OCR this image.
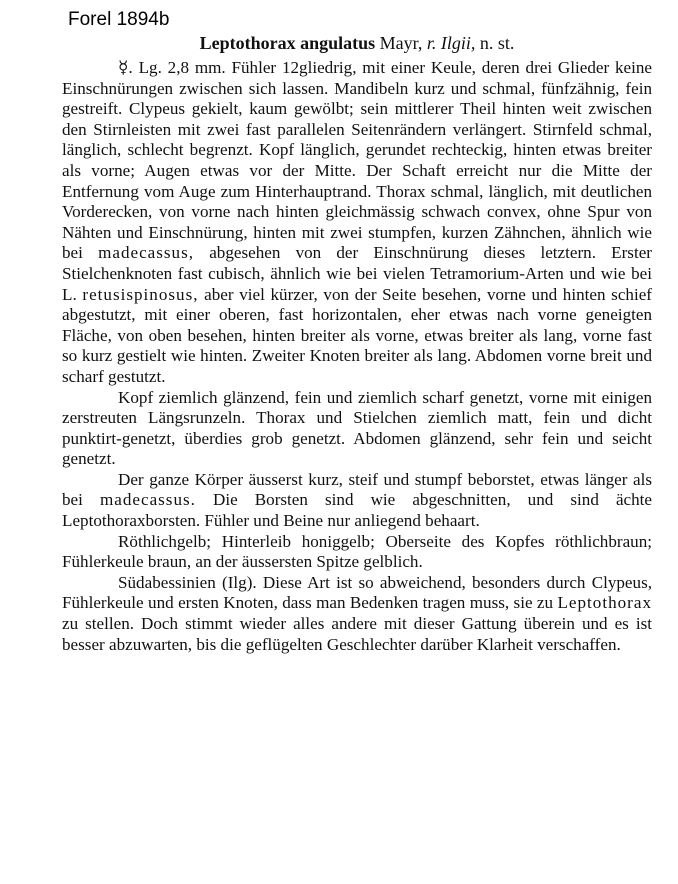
Forel 1894b
Leptothorax angulatus Mayr, r. Ilgii, n. st.

☿. Lg. 2,8 mm. Fühler 12gliedrig, mit einer Keule, deren drei Glieder keine Einschnürungen zwischen sich lassen. Mandibeln kurz und schmal, fünfzähnig, fein gestreift. Clypeus gekielt, kaum gewölbt; sein mittlerer Theil hinten weit zwischen den Stirnleisten mit zwei fast parallelen Seitenrändern verlängert. Stirnfeld schmal, länglich, schlecht begrenzt. Kopf länglich, gerundet rechteckig, hinten etwas breiter als vorne; Augen etwas vor der Mitte. Der Schaft erreicht nur die Mitte der Entfernung vom Auge zum Hinterhauptrand. Thorax schmal, länglich, mit deutlichen Vorderecken, von vorne nach hinten gleichmässig schwach convex, ohne Spur von Nähten und Einschnürung, hinten mit zwei stumpfen, kurzen Zähnchen, ähnlich wie bei madecassus, abgesehen von der Einschnürung dieses letztern. Erster Stielchenknoten fast cubisch, ähnlich wie bei vielen Tetramorium-Arten und wie bei L. retusispinosus, aber viel kürzer, von der Seite besehen, vorne und hinten schief abgestutzt, mit einer oberen, fast horizontalen, eher etwas nach vorne geneigten Fläche, von oben besehen, hinten breiter als vorne, etwas breiter als lang, vorne fast so kurz gestielt wie hinten. Zweiter Knoten breiter als lang. Abdomen vorne breit und scharf gestutzt.

Kopf ziemlich glänzend, fein und ziemlich scharf genetzt, vorne mit einigen zerstreuten Längsrunzeln. Thorax und Stielchen ziemlich matt, fein und dicht punktirt-genetzt, überdies grob genetzt. Abdomen glänzend, sehr fein und seicht genetzt.

Der ganze Körper äusserst kurz, steif und stumpf beborstet, etwas länger als bei madecassus. Die Borsten sind wie abgeschnitten, und sind ächte Leptothoraxborsten. Fühler und Beine nur anliegend behaart.

Röthlichgelb; Hinterleib honiggelb; Oberseite des Kopfes röthlichbraun; Fühlerkeule braun, an der äussersten Spitze gelblich.

Südabessinien (Ilg). Diese Art ist so abweichend, besonders durch Clypeus, Fühlerkeule und ersten Knoten, dass man Bedenken tragen muss, sie zu Leptothorax zu stellen. Doch stimmt wieder alles andere mit dieser Gattung überein und es ist besser abzuwarten, bis die geflügelten Geschlechter darüber Klarheit verschaffen.
